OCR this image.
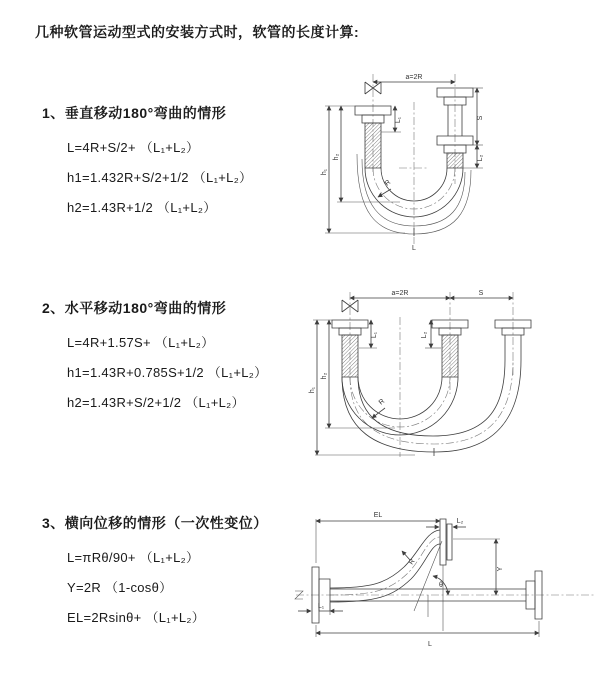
几种软管运动型式的安装方式时，软管的长度计算:
1、垂直移动180°弯曲的情形
L=4R+S/2+ （L₁+L₂）
h1=1.432R+S/2+1/2 （L₁+L₂）
h2=1.43R+1/2 （L₁+L₂）
2、水平移动180°弯曲的情形
L=4R+1.57S+ （L₁+L₂）
h1=1.43R+0.785S+1/2 （L₁+L₂）
h2=1.43R+S/2+1/2 （L₁+L₂）
3、横向位移的情形（一次性变位）
L=πRθ/90+ （L₁+L₂）
Y=2R （1-cosθ）
EL=2Rsinθ+ （L₁+L₂）
a=2R
h₁
h₂
L₁	S
L₂
R
L
a=2R	S
h₁
h₂
L₁	L₂
R
EL
L₂
Y
R
θ
L
L₁
